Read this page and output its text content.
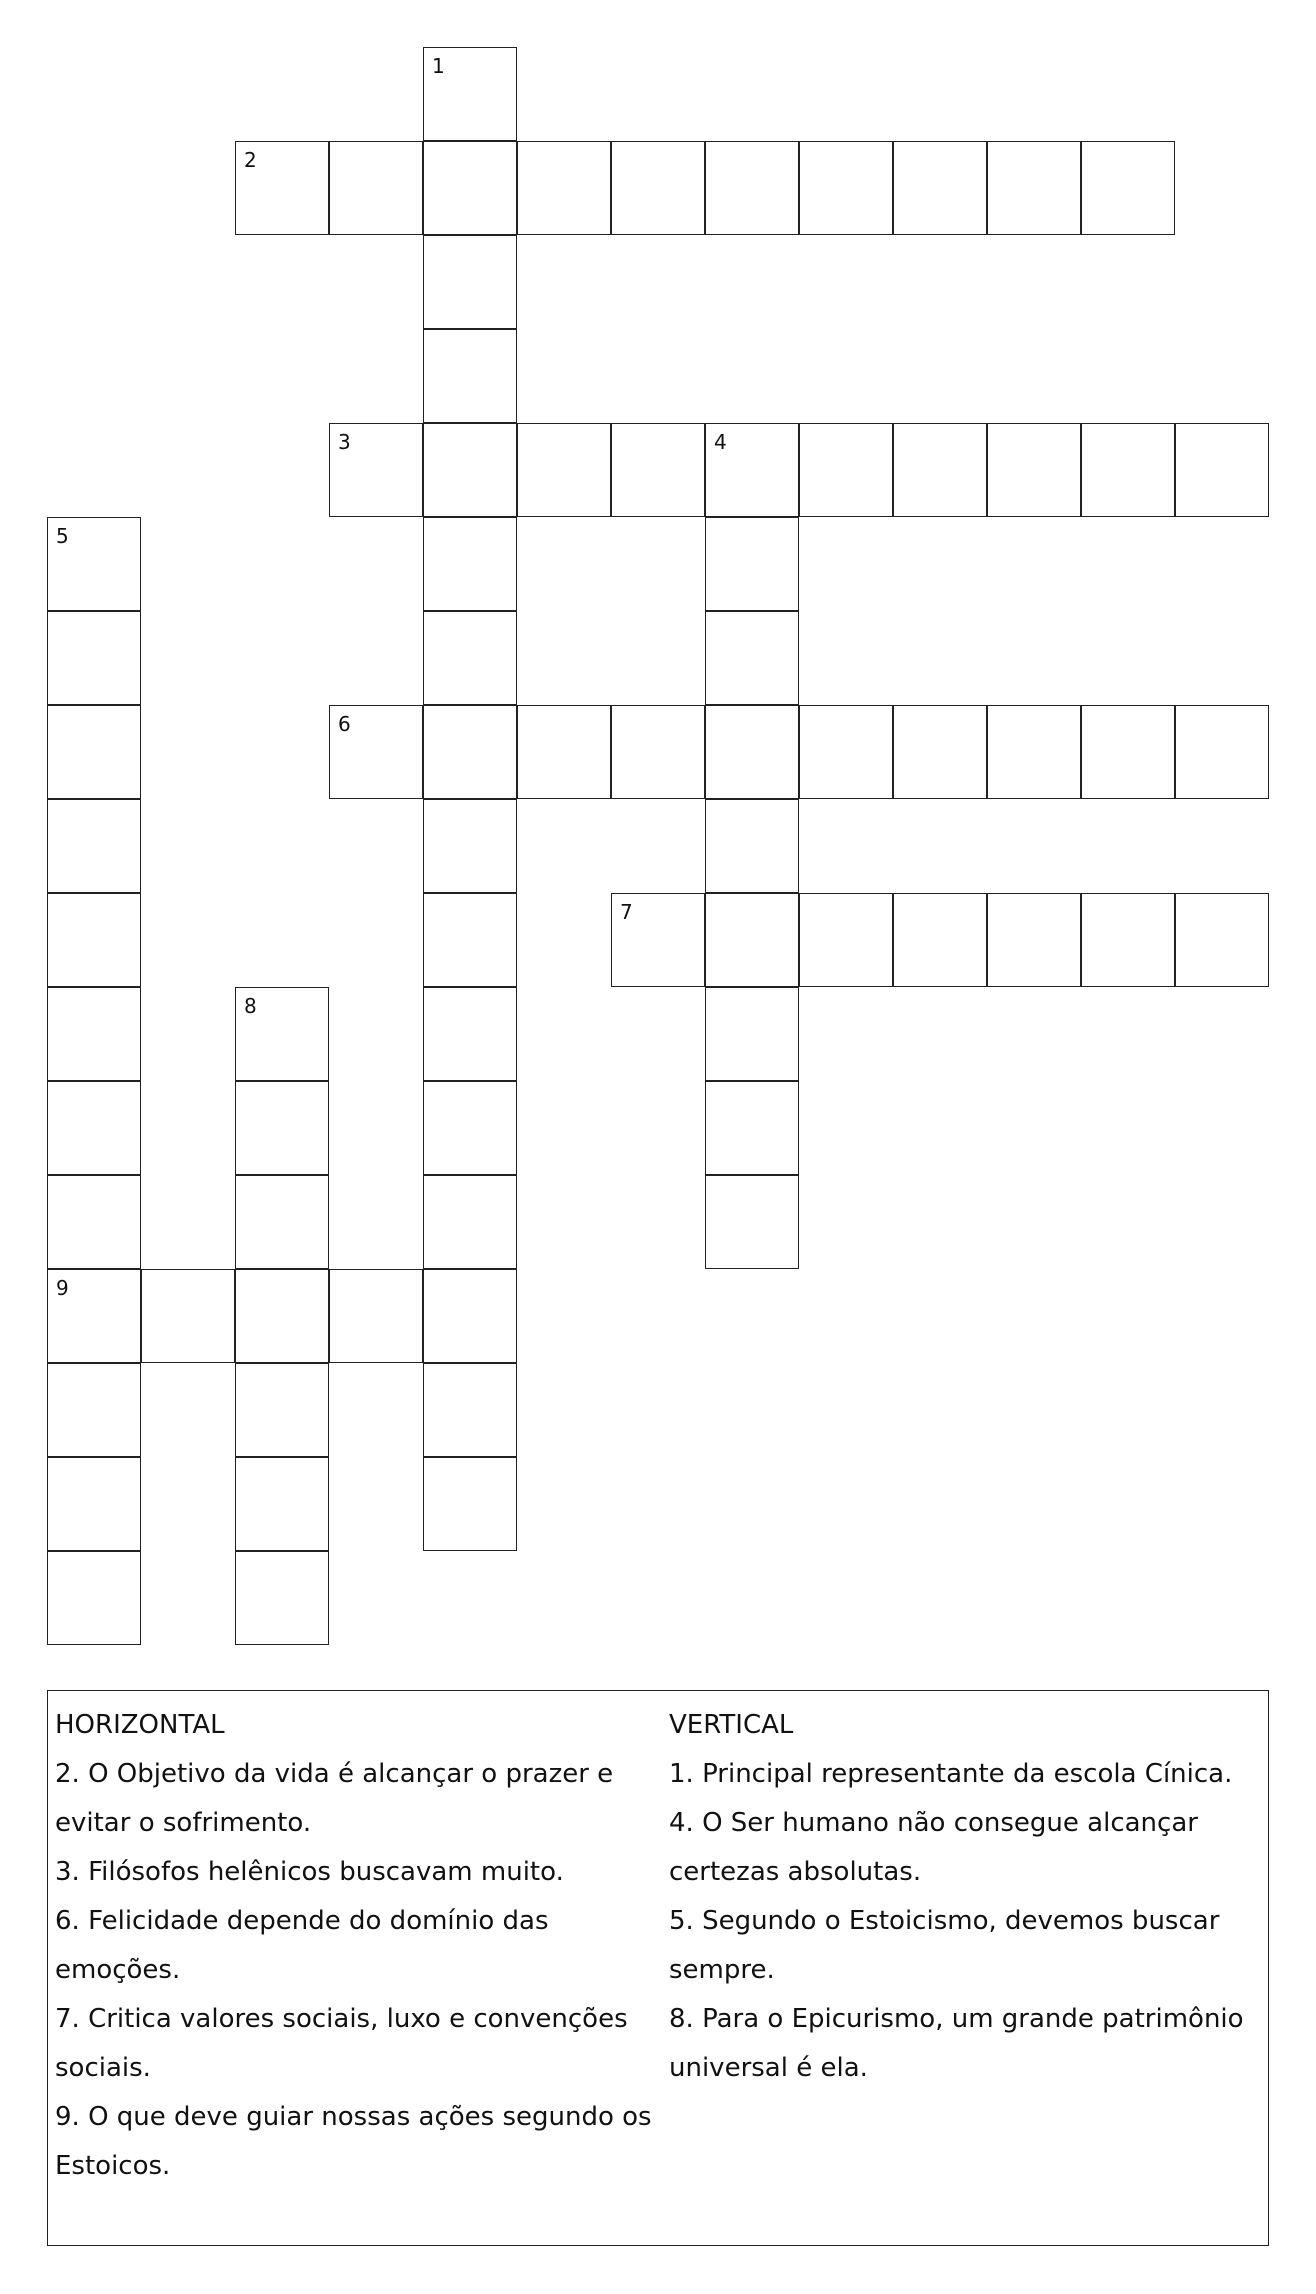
1
2
3	4
5
9
6
7
8
HORIZONTAL
2. O Objetivo da vida é alcançar o prazer e evitar o sofrimento.
3. Filósofos helênicos buscavam muito.
6. Felicidade depende do domínio das emoções.
7. Critica valores sociais, luxo e convenções sociais.
9. O que deve guiar nossas ações segundo os Estoicos.
VERTICAL
1. Principal representante da escola Cínica.
4. O Ser humano não consegue alcançar certezas absolutas.
5. Segundo o Estoicismo, devemos buscar sempre.
8. Para o Epicurismo, um grande patrimônio universal é ela.
